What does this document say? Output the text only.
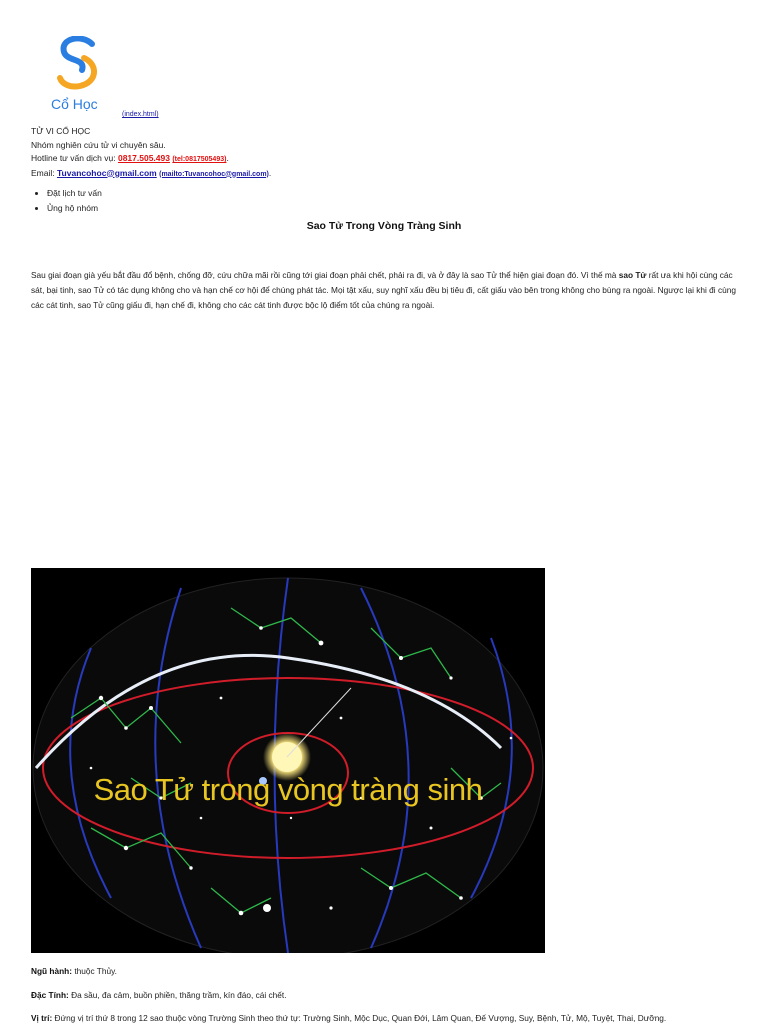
Cổ Học
(index.html)
TỬ VI CỔ HỌC
Nhóm nghiên cứu tử vi chuyên sâu.
Hotline tư vấn dịch vụ: 0817.505.493 (tel:0817505493).
Email: Tuvancohoc@gmail.com (mailto:Tuvancohoc@gmail.com).
• Đặt lịch tư vấn
• Ủng hộ nhóm
Sao Tử Trong Vòng Tràng Sinh
Sau giai đoạn già yếu bắt đầu đổ bệnh, chống đỡ, cứu chữa mãi rồi cũng tới giai đoạn phải chết, phải ra đi, và ở đây là sao Tử thể hiện giai đoạn đó. Vì thế mà sao Tử rất ưa khi hội cùng các sát, bại tinh, sao Tử có tác dụng không cho và hạn chế cơ hội để chúng phát tác. Mọi tật xấu, suy nghĩ xấu đều bị tiêu đi, cất giấu vào bên trong không cho bùng ra ngoài. Ngược lại khi đi cùng các cát tinh, sao Tử cũng giấu đi, hạn chế đi, không cho các cát tinh được bộc lộ điểm tốt của chúng ra ngoài.
Sao Tử trong vòng tràng sinh
Ngũ hành: thuộc Thủy.
Đặc Tính: Đa sầu, đa cảm, buồn phiền, thăng trầm, kín đáo, cái chết.
Vị trí: Đứng vị trí thứ 8 trong 12 sao thuộc vòng Trường Sinh theo thứ tự: Trường Sinh, Mộc Dục, Quan Đới, Lâm Quan, Đế Vượng, Suy, Bệnh, Tử, Mộ, Tuyệt, Thai, Dưỡng.
